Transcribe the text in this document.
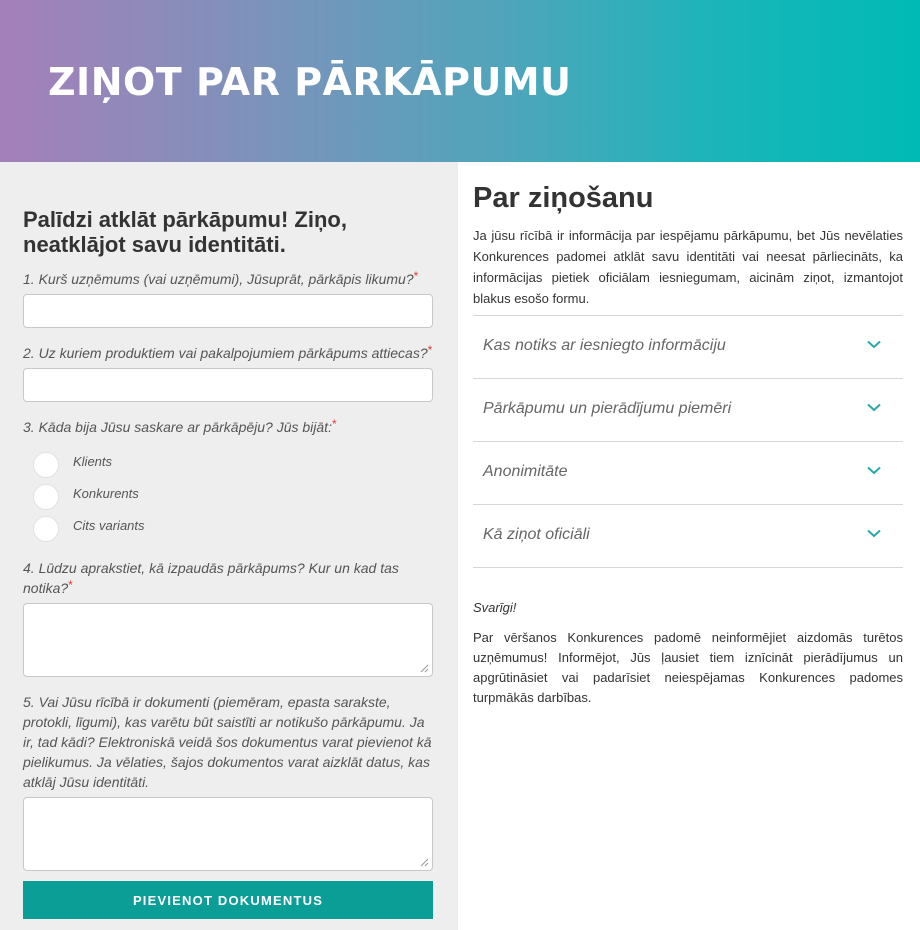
ZIŅOT PAR PĀRKĀPUMU
Palīdzi atklāt pārkāpumu! Ziņo, neatklājot savu identitāti.
1. Kurš uzņēmums (vai uzņēmumi), Jūsuprāt, pārkāpis likumu?*
2. Uz kuriem produktiem vai pakalpojumiem pārkāpums attiecas?*
3. Kāda bija Jūsu saskare ar pārkāpēju? Jūs bijāt:*
Klients
Konkurents
Cits variants
4. Lūdzu aprakstiet, kā izpaudās pārkāpums? Kur un kad tas notika?*
5. Vai Jūsu rīcībā ir dokumenti (piemēram, epasta sarakste, protokli, līgumi), kas varētu būt saistīti ar notikušo pārkāpumu. Ja ir, tad kādi? Elektroniskā veidā šos dokumentus varat pievienot kā pielikumus. Ja vēlaties, šajos dokumentos varat aizklāt datus, kas atklāj Jūsu identitāti.
PIEVIENOT DOKUMENTUS
Par ziņošanu
Ja jūsu rīcībā ir informācija par iespējamu pārkāpumu, bet Jūs nevēlaties Konkurences padomei atklāt savu identitāti vai neesat pārliecināts, ka informācijas pietiek oficiālam iesniegumam, aicinām ziņot, izmantojot blakus esošo formu.
Kas notiks ar iesniegto informāciju
Pārkāpumu un pierādījumu piemēri
Anonimitāte
Kā ziņot oficiāli
Svarīgi!
Par vēršanos Konkurences padomē neinformējiet aizdomās turētos uzņēmumus! Informējot, Jūs ļausiet tiem iznīcināt pierādījumus un apgrūtināsiet vai padarīsiet neiespējamas Konkurences padomes turpmākās darbības.
